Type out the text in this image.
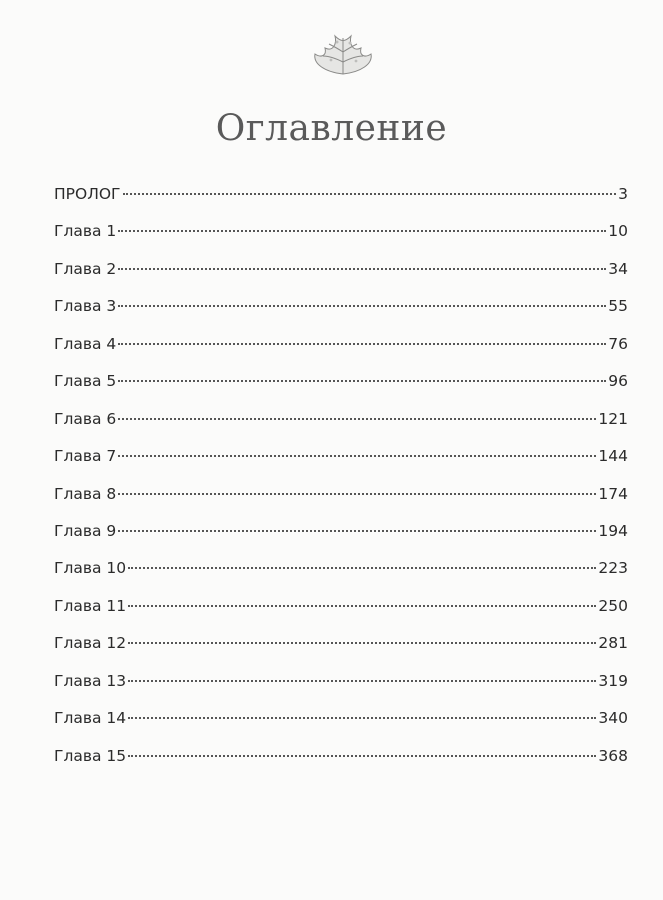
Оглавление
ПРОЛОГ	3
Глава 1	10
Глава 2	34
Глава 3	55
Глава 4	76
Глава 5	96
Глава 6	121
Глава 7	144
Глава 8	174
Глава 9	194
Глава 10	223
Глава 11	250
Глава 12	281
Глава 13	319
Глава 14	340
Глава 15	368
